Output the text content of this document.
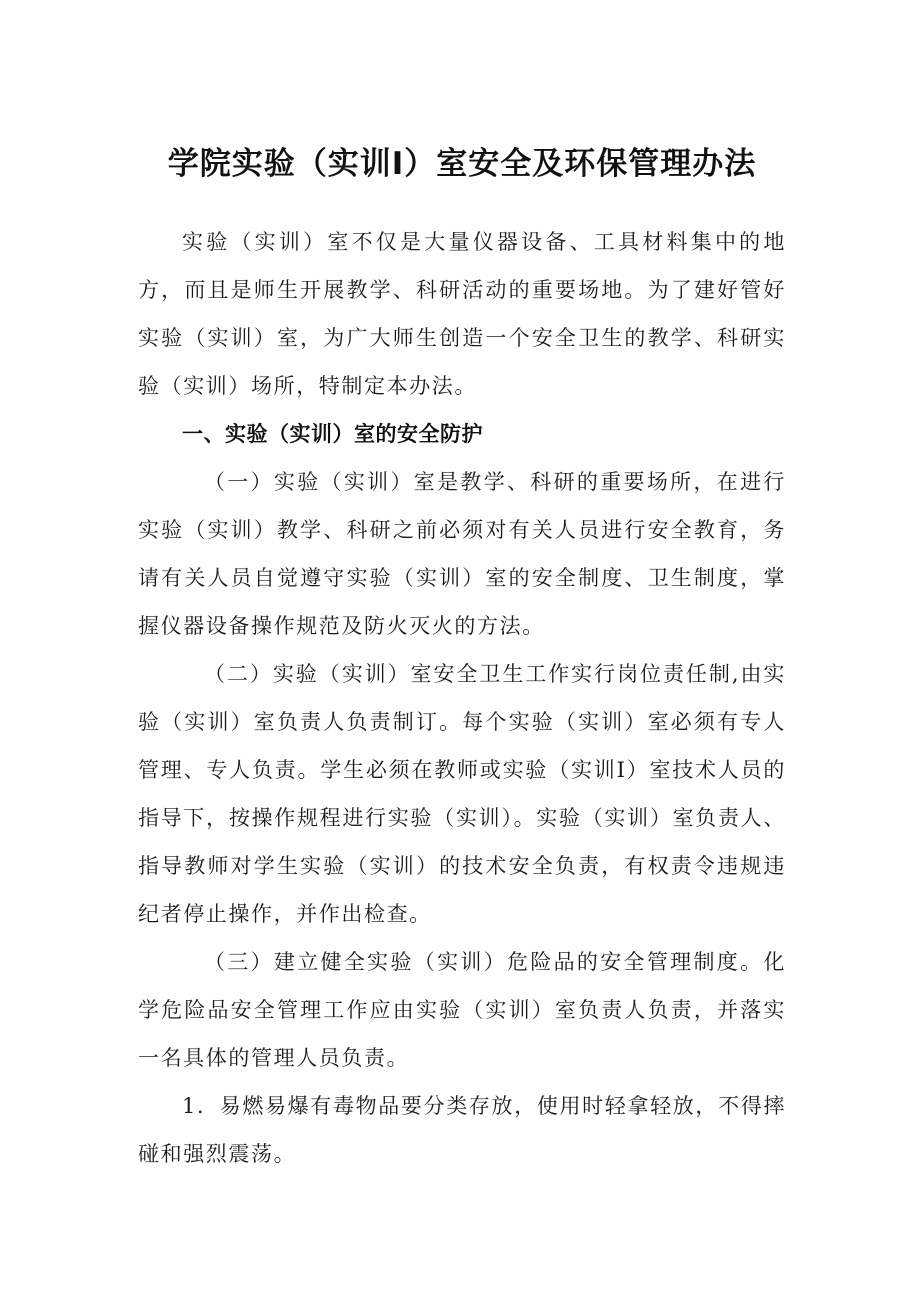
学院实验（实训I）室安全及环保管理办法

实验（实训）室不仅是大量仪器设备、工具材料集中的地方，而且是师生开展教学、科研活动的重要场地。为了建好管好实验（实训）室，为广大师生创造一个安全卫生的教学、科研实验（实训）场所，特制定本办法。

一、实验（实训）室的安全防护

（一）实验（实训）室是教学、科研的重要场所，在进行实验（实训）教学、科研之前必须对有关人员进行安全教育，务请有关人员自觉遵守实验（实训）室的安全制度、卫生制度，掌握仪器设备操作规范及防火灭火的方法。

（二）实验（实训）室安全卫生工作实行岗位责任制,由实验（实训）室负责人负责制订。每个实验（实训）室必须有专人管理、专人负责。学生必须在教师或实验（实训I）室技术人员的指导下，按操作规程进行实验（实训）。实验（实训）室负责人、指导教师对学生实验（实训）的技术安全负责，有权责令违规违纪者停止操作，并作出检查。

（三）建立健全实验（实训）危险品的安全管理制度。化学危险品安全管理工作应由实验（实训）室负责人负责，并落实一名具体的管理人员负责。

1．易燃易爆有毒物品要分类存放，使用时轻拿轻放，不得摔碰和强烈震荡。
